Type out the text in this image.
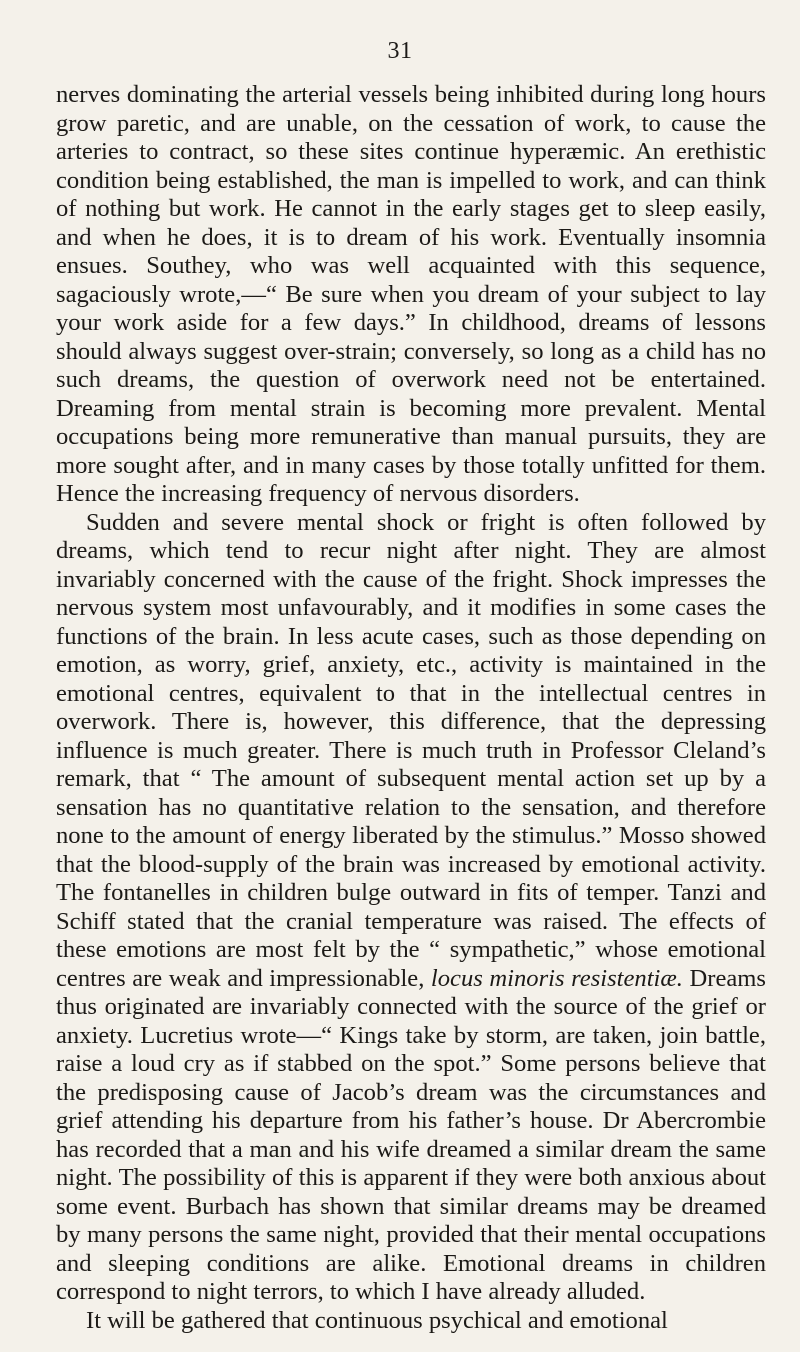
31

nerves dominating the arterial vessels being inhibited during long hours grow paretic, and are unable, on the cessation of work, to cause the arteries to contract, so these sites continue hyperæmic. An erethistic condition being established, the man is impelled to work, and can think of nothing but work. He cannot in the early stages get to sleep easily, and when he does, it is to dream of his work. Eventually insomnia ensues. Southey, who was well acquainted with this sequence, sagaciously wrote,—“ Be sure when you dream of your subject to lay your work aside for a few days.” In childhood, dreams of lessons should always suggest over-strain; conversely, so long as a child has no such dreams, the question of overwork need not be entertained. Dreaming from mental strain is becoming more prevalent. Mental occupations being more remunerative than manual pursuits, they are more sought after, and in many cases by those totally unfitted for them. Hence the increasing frequency of nervous disorders.

Sudden and severe mental shock or fright is often followed by dreams, which tend to recur night after night. They are almost invariably concerned with the cause of the fright. Shock impresses the nervous system most unfavourably, and it modifies in some cases the functions of the brain. In less acute cases, such as those depending on emotion, as worry, grief, anxiety, etc., activity is maintained in the emotional centres, equivalent to that in the intellectual centres in overwork. There is, however, this difference, that the depressing influence is much greater. There is much truth in Professor Cleland’s remark, that “ The amount of subsequent mental action set up by a sensation has no quantitative relation to the sensation, and therefore none to the amount of energy liberated by the stimulus.” Mosso showed that the blood-supply of the brain was increased by emotional activity. The fontanelles in children bulge outward in fits of temper. Tanzi and Schiff stated that the cranial temperature was raised. The effects of these emotions are most felt by the “ sympathetic,” whose emotional centres are weak and impressionable, locus minoris resistentiæ. Dreams thus originated are invariably connected with the source of the grief or anxiety. Lucretius wrote—“ Kings take by storm, are taken, join battle, raise a loud cry as if stabbed on the spot.” Some persons believe that the predisposing cause of Jacob’s dream was the circumstances and grief attending his departure from his father’s house. Dr Abercrombie has recorded that a man and his wife dreamed a similar dream the same night. The possibility of this is apparent if they were both anxious about some event. Burbach has shown that similar dreams may be dreamed by many persons the same night, provided that their mental occupations and sleeping conditions are alike. Emotional dreams in children correspond to night terrors, to which I have already alluded.

It will be gathered that continuous psychical and emotional
